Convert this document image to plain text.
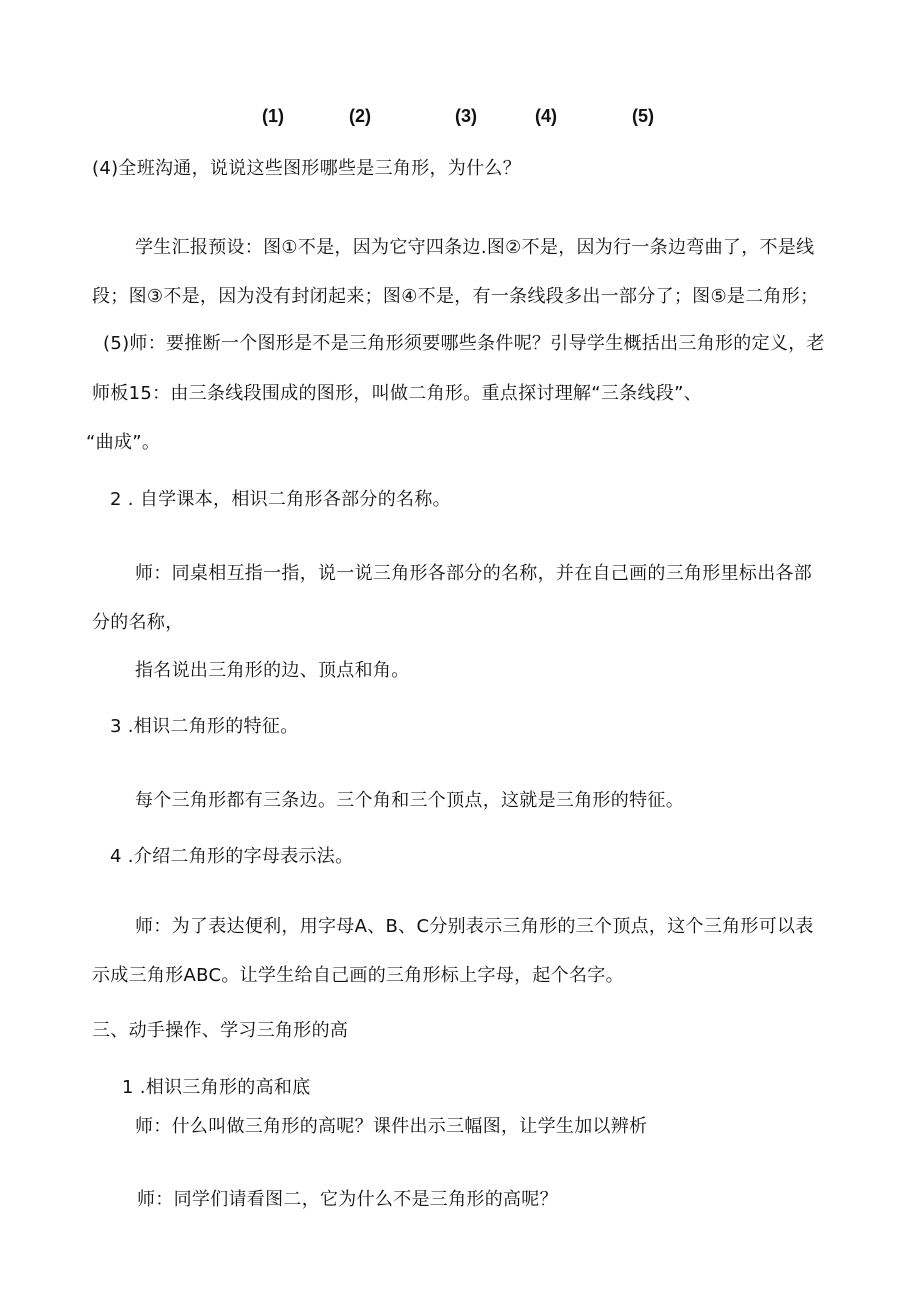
(1)	(2)	(3)	(4)	(5)
(4)全班沟通，说说这些图形哪些是三角形，为什么？
学生汇报预设：图①不是，因为它守四条边.图②不是，因为行一条边弯曲了，不是线
段；图③不是，因为没有封闭起来；图④不是，有一条线段多出一部分了；图⑤是二角形；
(5)师：要推断一个图形是不是三角形须要哪些条件呢？引导学生概括出三角形的定义，老
师板15：由三条线段围成的图形，叫做二角形。重点探讨理解“三条线段”、
“曲成”。
2 . 自学课本，相识二角形各部分的名称。
师：同桌相互指一指，说一说三角形各部分的名称，并在自己画的三角形里标出各部
分的名称，
指名说出三角形的边、顶点和角。
3 .相识二角形的特征。
每个三角形都有三条边。三个角和三个顶点，这就是三角形的特征。
4 .介绍二角形的字母表示法。
师：为了表达便利，用字母A、B、C分别表示三角形的三个顶点，这个三角形可以表
示成三角形ABC。让学生给自己画的三角形标上字母，起个名字。
三、动手操作、学习三角形的高
1 .相识三角形的高和底
师：什么叫做三角形的高呢？课件出示三幅图，让学生加以辨析
师：同学们请看图二，它为什么不是三角形的高呢？
